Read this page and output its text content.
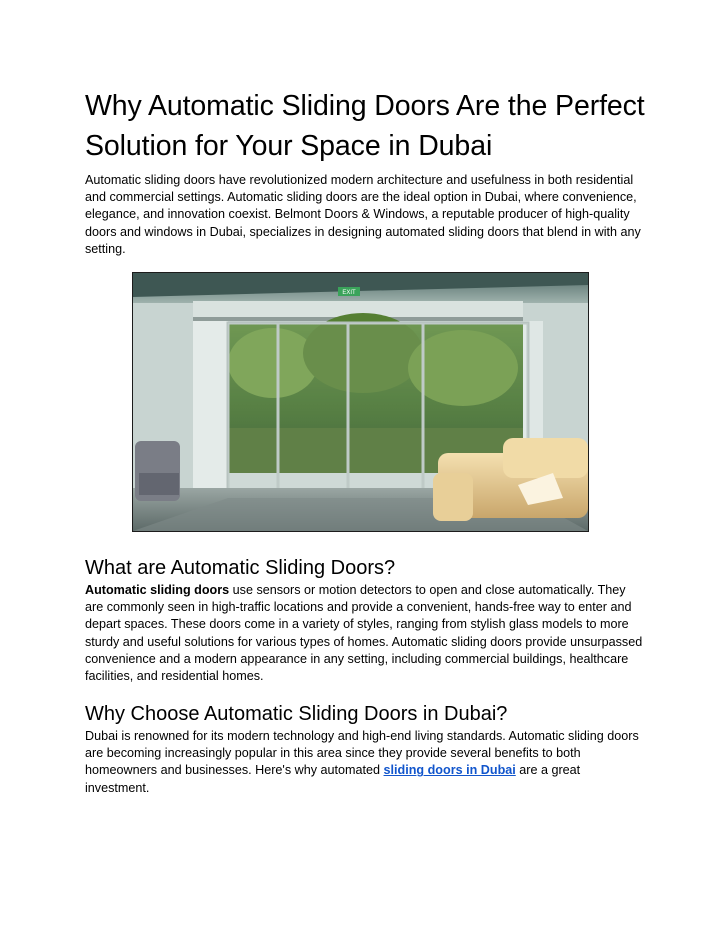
Why Automatic Sliding Doors Are the Perfect Solution for Your Space in Dubai

Automatic sliding doors have revolutionized modern architecture and usefulness in both residential and commercial settings. Automatic sliding doors are the ideal option in Dubai, where convenience, elegance, and innovation coexist. Belmont Doors & Windows, a reputable producer of high-quality doors and windows in Dubai, specializes in designing automated sliding doors that blend in with any setting.

EXIT
What are Automatic Sliding Doors?

Automatic sliding doors use sensors or motion detectors to open and close automatically. They are commonly seen in high-traffic locations and provide a convenient, hands-free way to enter and depart spaces. These doors come in a variety of styles, ranging from stylish glass models to more sturdy and useful solutions for various types of homes. Automatic sliding doors provide unsurpassed convenience and a modern appearance in any setting, including commercial buildings, healthcare facilities, and residential homes.

Why Choose Automatic Sliding Doors in Dubai?

Dubai is renowned for its modern technology and high-end living standards. Automatic sliding doors are becoming increasingly popular in this area since they provide several benefits to both homeowners and businesses. Here's why automated sliding doors in Dubai are a great investment.
